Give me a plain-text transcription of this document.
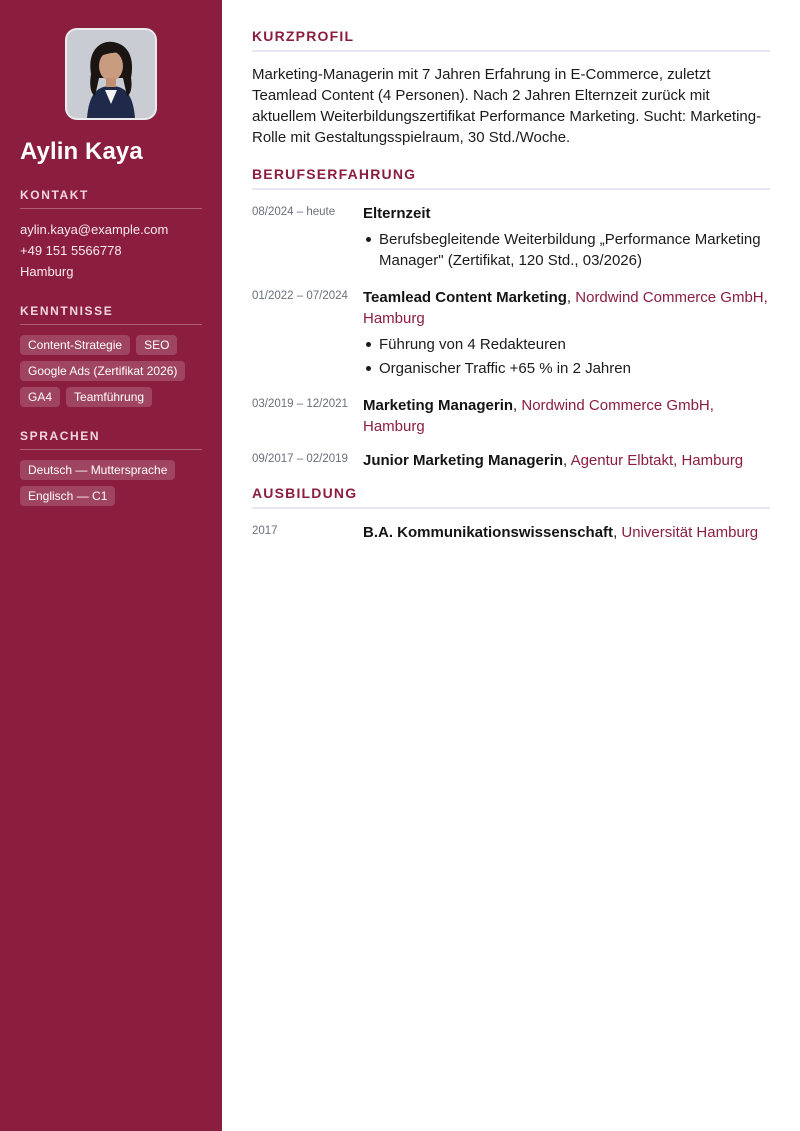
Aylin Kaya
KONTAKT
aylin.kaya@example.com
+49 151 5566778
Hamburg
KENNTNISSE
Content-Strategie	SEO
Google Ads (Zertifikat 2026)
GA4	Teamführung
SPRACHEN
Deutsch — Muttersprache
Englisch — C1
KURZPROFIL

Marketing-Managerin mit 7 Jahren Erfahrung in E-Commerce, zuletzt Teamlead Content (4 Personen). Nach 2 Jahren Elternzeit zurück mit aktuellem Weiterbildungszertifikat Performance Marketing. Sucht: Marketing-Rolle mit Gestaltungsspielraum, 30 Std./Woche.

BERUFSERFAHRUNG
08/2024 – heute	Elternzeit
Berufsbegleitende Weiterbildung „Performance Marketing Manager" (Zertifikat, 120 Std., 03/2026)
01/2022 – 07/2024	Teamlead Content Marketing, Nordwind Commerce GmbH, Hamburg
Führung von 4 Redakteuren
Organischer Traffic +65 % in 2 Jahren
03/2019 – 12/2021	Marketing Managerin, Nordwind Commerce GmbH, Hamburg
09/2017 – 02/2019	Junior Marketing Managerin, Agentur Elbtakt, Hamburg
AUSBILDUNG
2017	B.A. Kommunikationswissenschaft, Universität Hamburg
